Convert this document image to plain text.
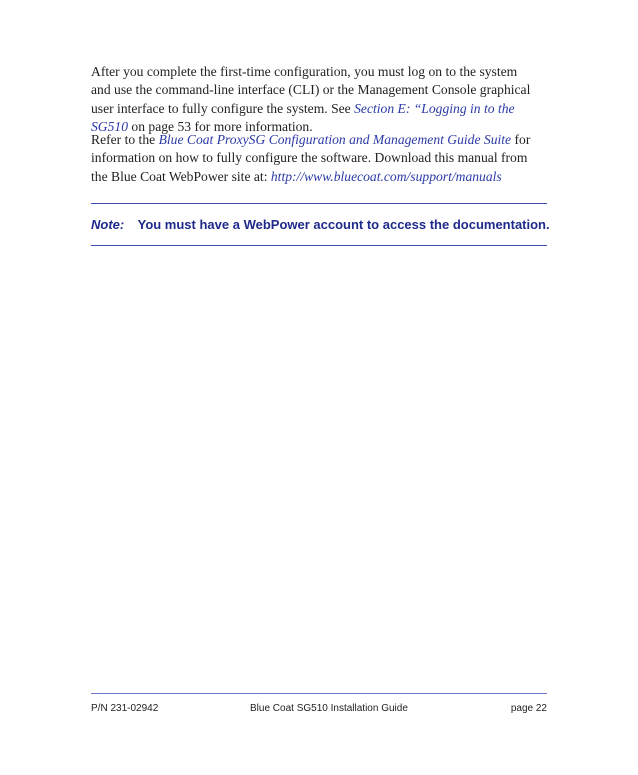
After you complete the first-time configuration, you must log on to the system
and use the command-line interface (CLI) or the Management Console graphical
user interface to fully configure the system. See Section E: “Logging in to the
SG510 on page 53 for more information.
Refer to the Blue Coat ProxySG Configuration and Management Guide Suite for
information on how to fully configure the software. Download this manual from
the Blue Coat WebPower site at: http://www.bluecoat.com/support/manuals
Note: You must have a WebPower account to access the documentation.
P/N 231-02942	Blue Coat SG510 Installation Guide	page 22
